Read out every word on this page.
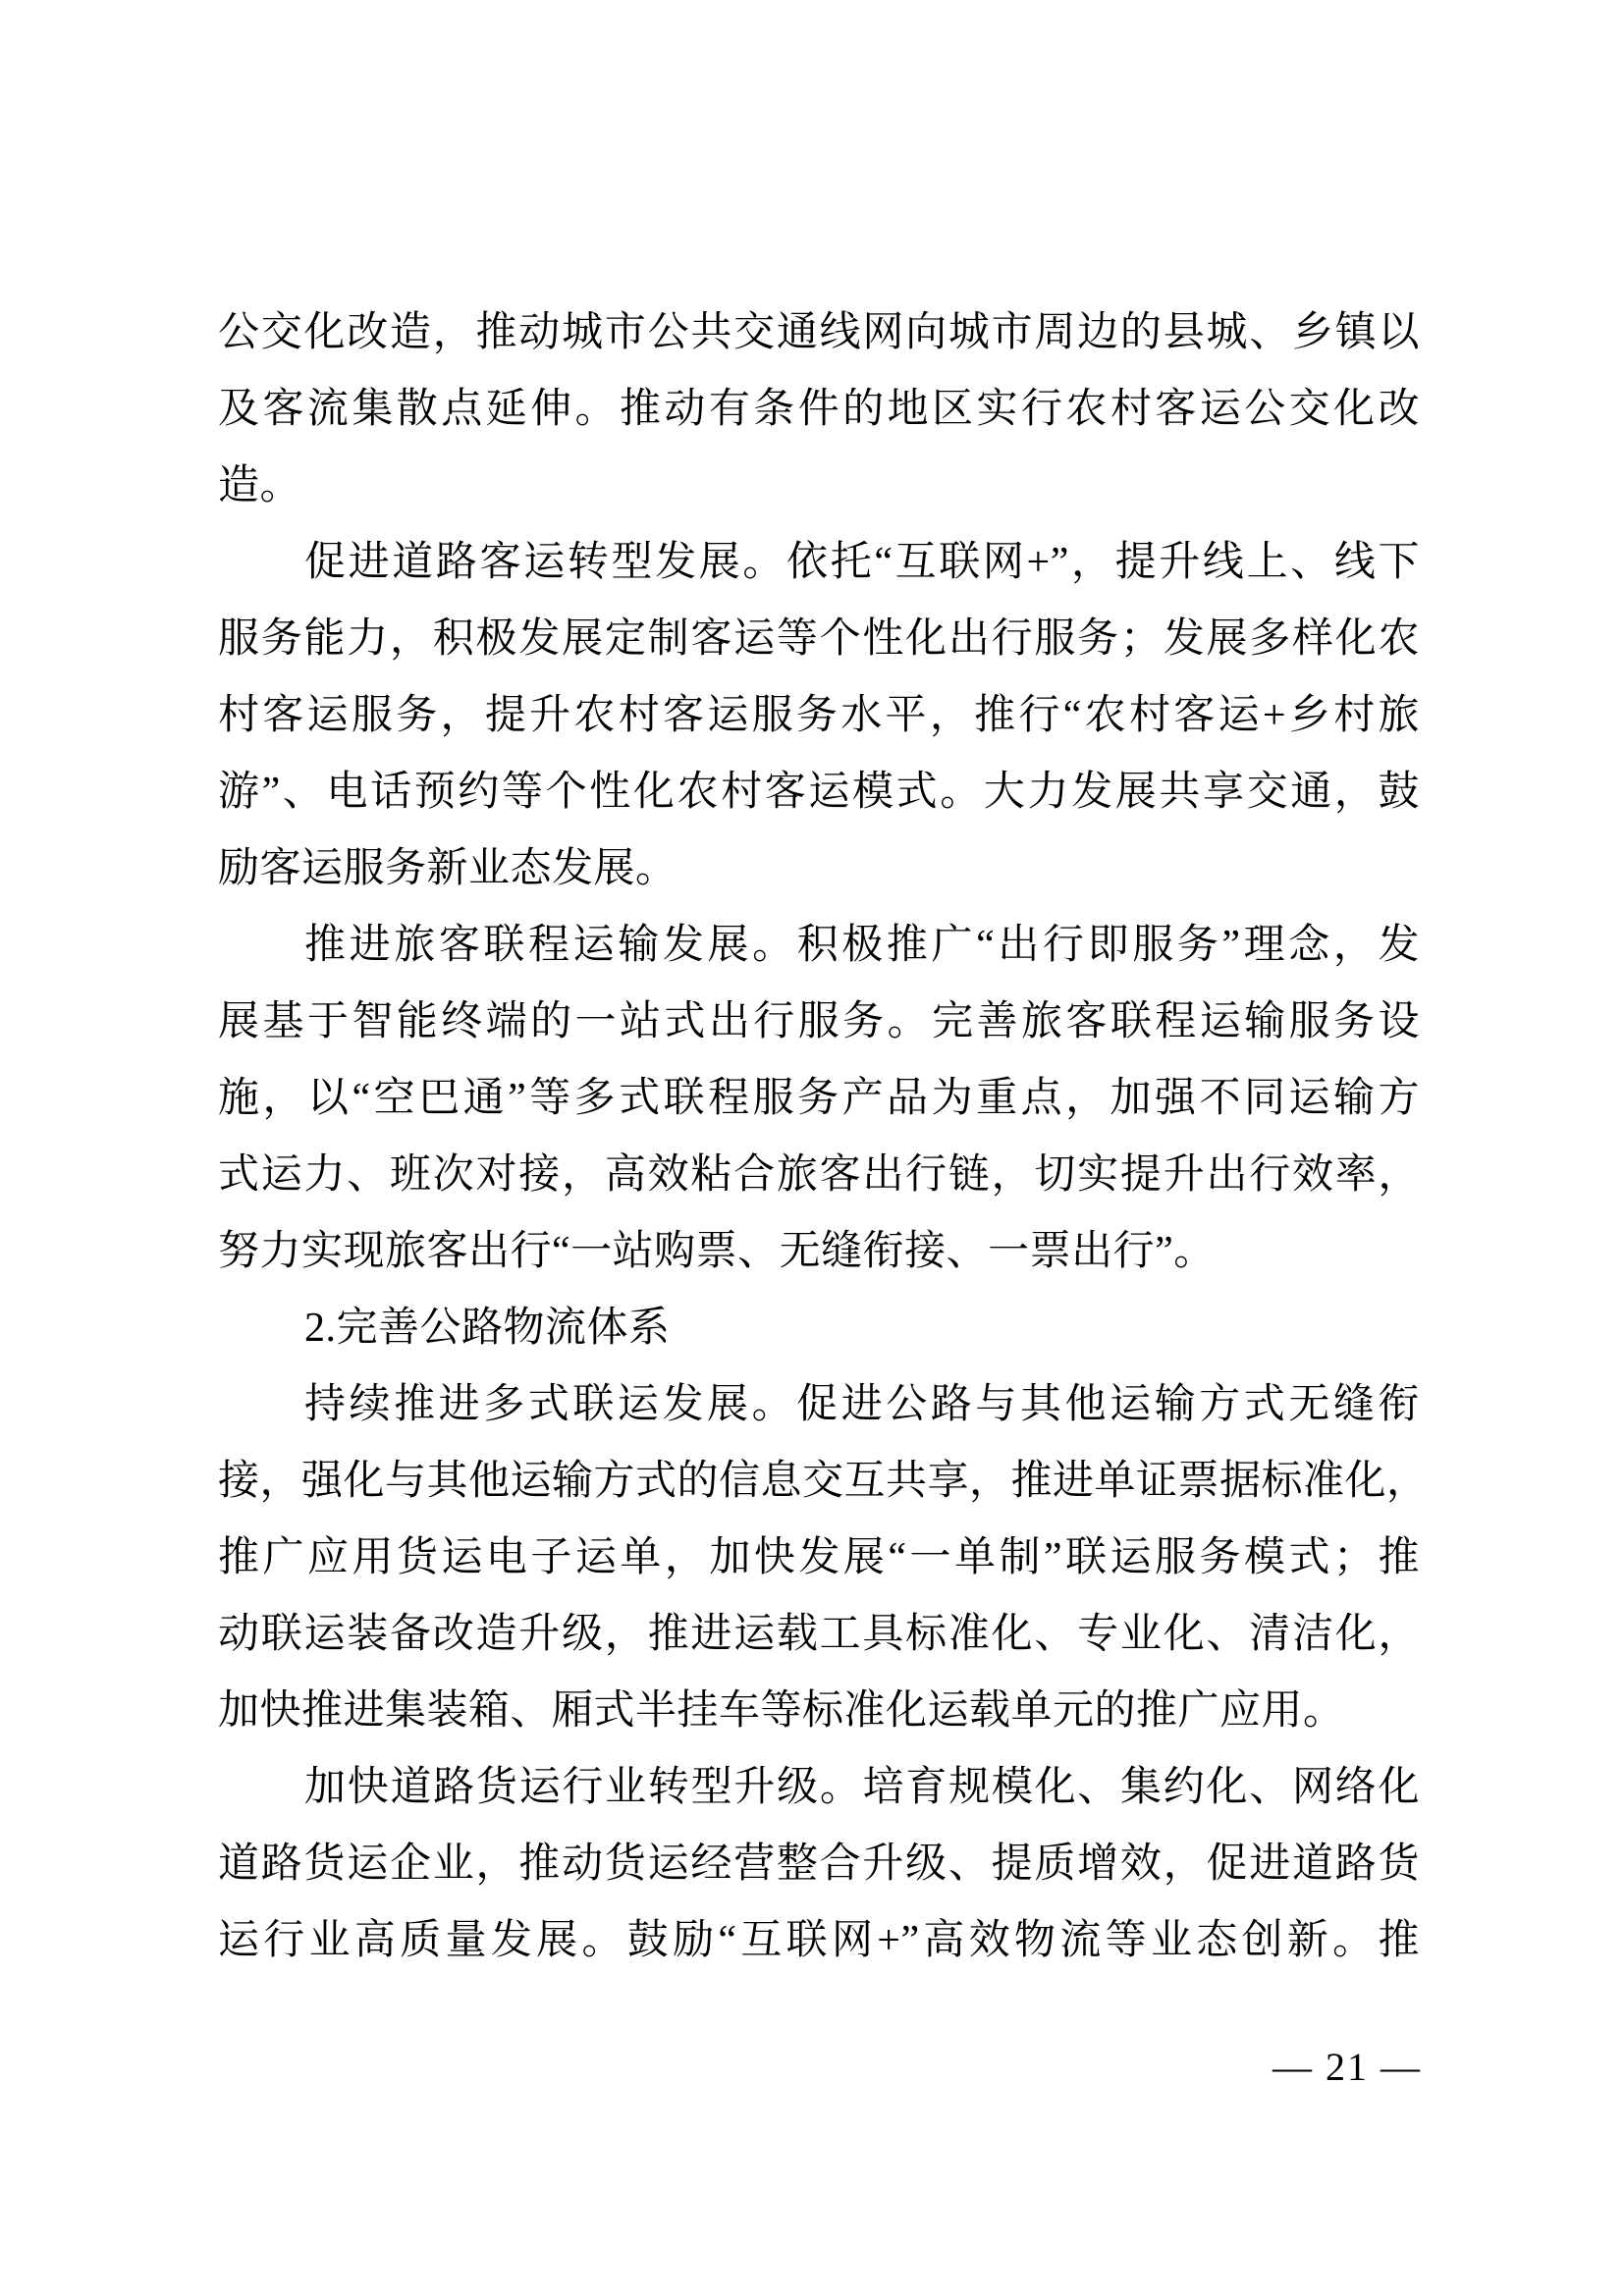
公交化改造，推动城市公共交通线网向城市周边的县城、乡镇以
及客流集散点延伸。推动有条件的地区实行农村客运公交化改
造。
促进道路客运转型发展。依托“互联网+”，提升线上、线下
服务能力，积极发展定制客运等个性化出行服务；发展多样化农
村客运服务，提升农村客运服务水平，推行“农村客运+乡村旅
游”、电话预约等个性化农村客运模式。大力发展共享交通，鼓
励客运服务新业态发展。
推进旅客联程运输发展。积极推广“出行即服务”理念，发
展基于智能终端的一站式出行服务。完善旅客联程运输服务设
施，以“空巴通”等多式联程服务产品为重点，加强不同运输方
式运力、班次对接，高效粘合旅客出行链，切实提升出行效率，
努力实现旅客出行“一站购票、无缝衔接、一票出行”。
2.完善公路物流体系
持续推进多式联运发展。促进公路与其他运输方式无缝衔
接，强化与其他运输方式的信息交互共享，推进单证票据标准化，
推广应用货运电子运单，加快发展“一单制”联运服务模式；推
动联运装备改造升级，推进运载工具标准化、专业化、清洁化，
加快推进集装箱、厢式半挂车等标准化运载单元的推广应用。
加快道路货运行业转型升级。培育规模化、集约化、网络化
道路货运企业，推动货运经营整合升级、提质增效，促进道路货
运行业高质量发展。鼓励“互联网+”高效物流等业态创新。推
— 21 —
